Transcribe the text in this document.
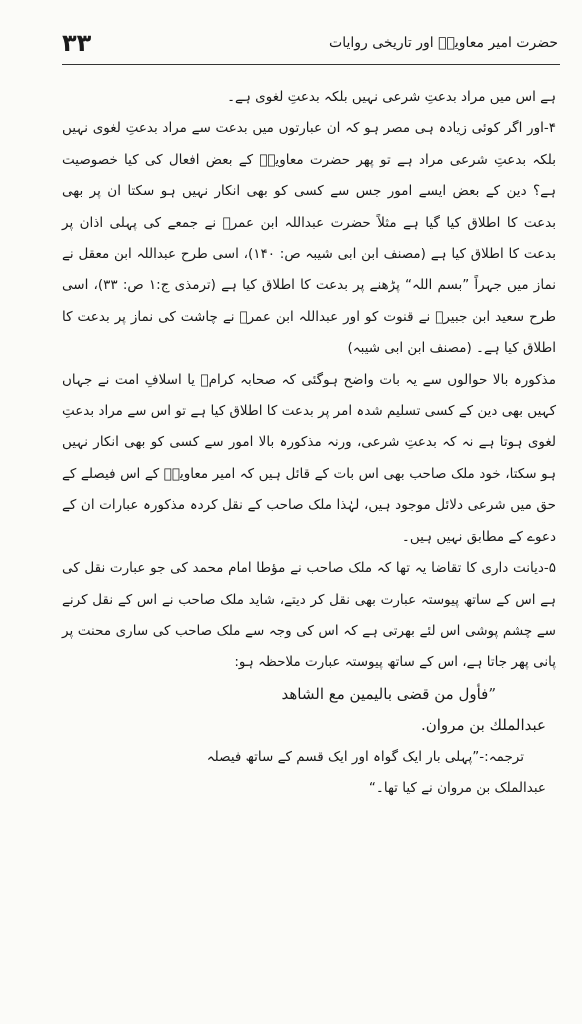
حضرت امیر معاویہؓ اور تاریخی روایات
۳۳

ہے اس میں مراد بدعتِ شرعی نہیں بلکہ بدعتِ لغوی ہے۔

۴-اور اگر کوئی زیادہ ہی مصر ہو کہ ان عبارتوں میں بدعت سے مراد بدعتِ لغوی نہیں بلکہ بدعتِ شرعی مراد ہے تو پھر حضرت معاویہؓ کے بعض افعال کی کیا خصوصیت ہے؟ دین کے بعض ایسے امور جس سے کسی کو بھی انکار نہیں ہو سکتا ان پر بھی بدعت کا اطلاق کیا گیا ہے مثلاً حضرت عبداللہ ابن عمرؓ نے جمعے کی پہلی اذان پر بدعت کا اطلاق کیا ہے (مصنف ابن ابی شیبہ ص: ۱۴۰)، اسی طرح عبداللہ ابن معقل نے نماز میں جہراً ”بسم اللہ“ پڑھنے پر بدعت کا اطلاق کیا ہے (ترمذی ج:۱ ص: ۳۳)، اسی طرح سعید ابن جبیرؒ نے قنوت کو اور عبداللہ ابن عمرؓ نے چاشت کی نماز پر بدعت کا اطلاق کیا ہے۔ (مصنف ابن ابی شیبہ)

مذکورہ بالا حوالوں سے یہ بات واضح ہوگئی کہ صحابہ کرامؓ یا اسلافِ امت نے جہاں کہیں بھی دین کے کسی تسلیم شدہ امر پر بدعت کا اطلاق کیا ہے تو اس سے مراد بدعتِ لغوی ہوتا ہے نہ کہ بدعتِ شرعی، ورنہ مذکورہ بالا امور سے کسی کو بھی انکار نہیں ہو سکتا، خود ملک صاحب بھی اس بات کے قائل ہیں کہ امیر معاویہؓ کے اس فیصلے کے حق میں شرعی دلائل موجود ہیں، لہٰذا ملک صاحب کے نقل کردہ مذکورہ عبارات ان کے دعوے کے مطابق نہیں ہیں۔

۵-دیانت داری کا تقاضا یہ تھا کہ ملک صاحب نے مؤطا امام محمد کی جو عبارت نقل کی ہے اس کے ساتھ پیوستہ عبارت بھی نقل کر دیتے، شاید ملک صاحب نے اس کے نقل کرنے سے چشم پوشی اس لئے بھرتی ہے کہ اس کی وجہ سے ملک صاحب کی ساری محنت پر پانی پھر جاتا ہے، اس کے ساتھ پیوستہ عبارت ملاحظہ ہو:

”فأول من قضى باليمين مع الشاهد
عبدالملك بن مروان.
ترجمہ:-”پہلی بار ایک گواہ اور ایک قسم کے ساتھ فیصلہ
عبدالملک بن مروان نے کیا تھا۔“
